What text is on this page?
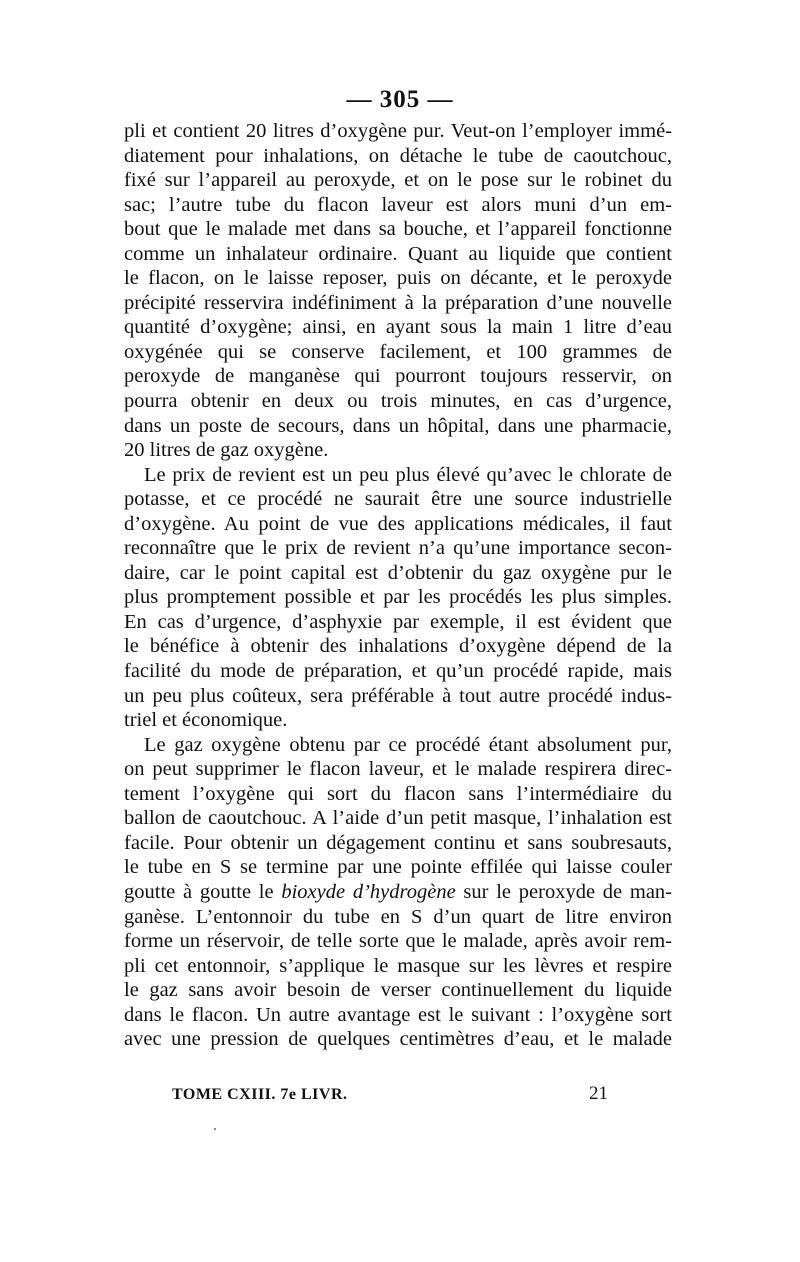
— 305 —
pli et contient 20 litres d’oxygène pur. Veut-on l’employer immé-
diatement pour inhalations, on détache le tube de caoutchouc,
fixé sur l’appareil au peroxyde, et on le pose sur le robinet du
sac; l’autre tube du flacon laveur est alors muni d’un em-
bout que le malade met dans sa bouche, et l’appareil fonctionne
comme un inhalateur ordinaire. Quant au liquide que contient
le flacon, on le laisse reposer, puis on décante, et le peroxyde
précipité resservira indéfiniment à la préparation d’une nouvelle
quantité d’oxygène; ainsi, en ayant sous la main 1 litre d’eau
oxygénée qui se conserve facilement, et 100 grammes de
peroxyde de manganèse qui pourront toujours resservir, on
pourra obtenir en deux ou trois minutes, en cas d’urgence,
dans un poste de secours, dans un hôpital, dans une pharmacie,
20 litres de gaz oxygène.
Le prix de revient est un peu plus élevé qu’avec le chlorate de
potasse, et ce procédé ne saurait être une source industrielle
d’oxygène. Au point de vue des applications médicales, il faut
reconnaître que le prix de revient n’a qu’une importance secon-
daire, car le point capital est d’obtenir du gaz oxygène pur le
plus promptement possible et par les procédés les plus simples.
En cas d’urgence, d’asphyxie par exemple, il est évident que
le bénéfice à obtenir des inhalations d’oxygène dépend de la
facilité du mode de préparation, et qu’un procédé rapide, mais
un peu plus coûteux, sera préférable à tout autre procédé indus-
triel et économique.
Le gaz oxygène obtenu par ce procédé étant absolument pur,
on peut supprimer le flacon laveur, et le malade respirera direc-
tement l’oxygène qui sort du flacon sans l’intermédiaire du
ballon de caoutchouc. A l’aide d’un petit masque, l’inhalation est
facile. Pour obtenir un dégagement continu et sans soubresauts,
le tube en S se termine par une pointe effilée qui laisse couler
goutte à goutte le bioxyde d’hydrogène sur le peroxyde de man-
ganèse. L’entonnoir du tube en S d’un quart de litre environ
forme un réservoir, de telle sorte que le malade, après avoir rem-
pli cet entonnoir, s’applique le masque sur les lèvres et respire
le gaz sans avoir besoin de verser continuellement du liquide
dans le flacon. Un autre avantage est le suivant : l’oxygène sort
avec une pression de quelques centimètres d’eau, et le malade
TOME CXIII. 7e LIVR.	21
